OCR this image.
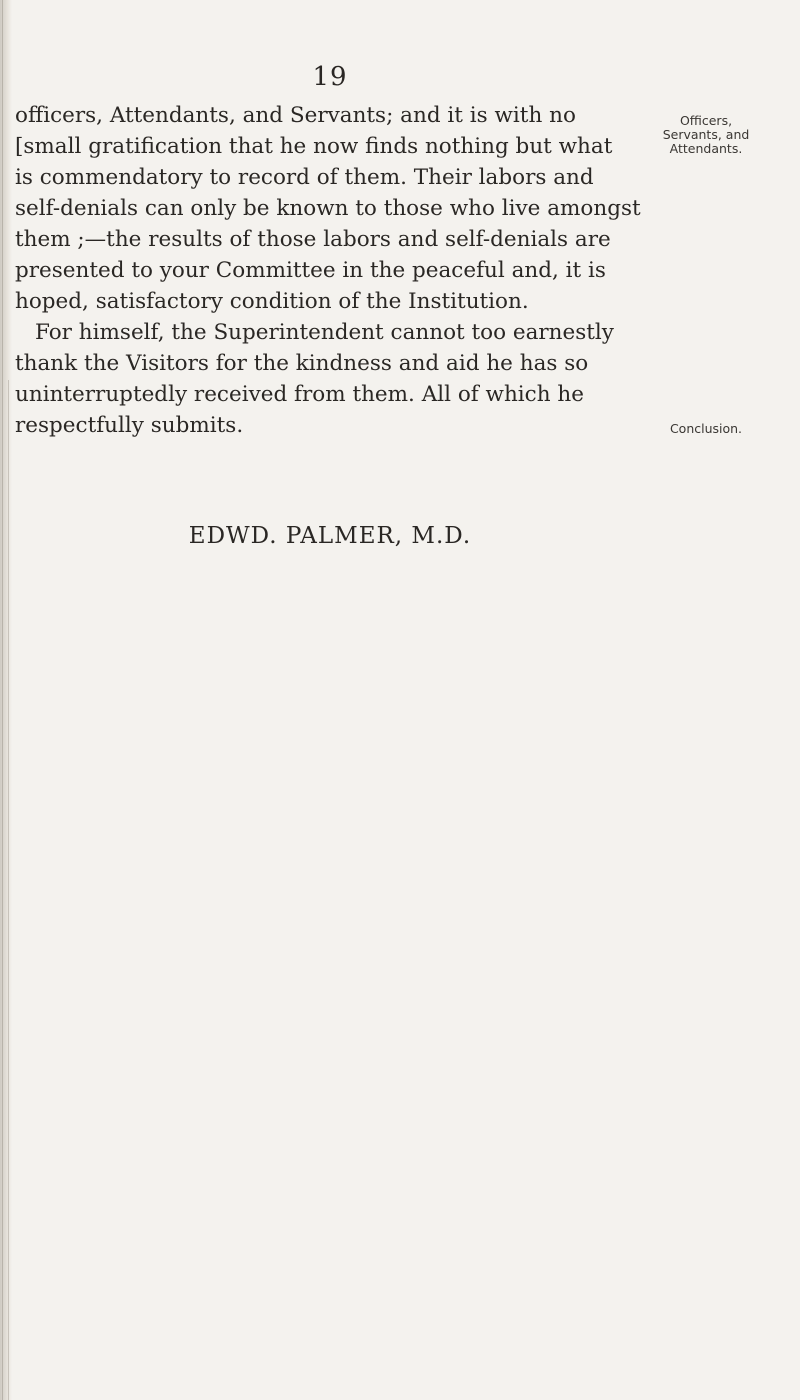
19

officers, Attendants, and Servants; and it is with no
[small gratification that he now finds nothing but what
is commendatory to record of them. Their labors and
self-denials can only be known to those who live amongst
them ;—the results of those labors and self-denials are
presented to your Committee in the peaceful and, it is
hoped, satisfactory condition of the Institution.
For himself, the Superintendent cannot too earnestly
thank the Visitors for the kindness and aid he has so
uninterruptedly received from them. All of which he
respectfully submits.

EDWD. PALMER, M.D.
Officers,
Servants, and
Attendants.
Conclusion.
